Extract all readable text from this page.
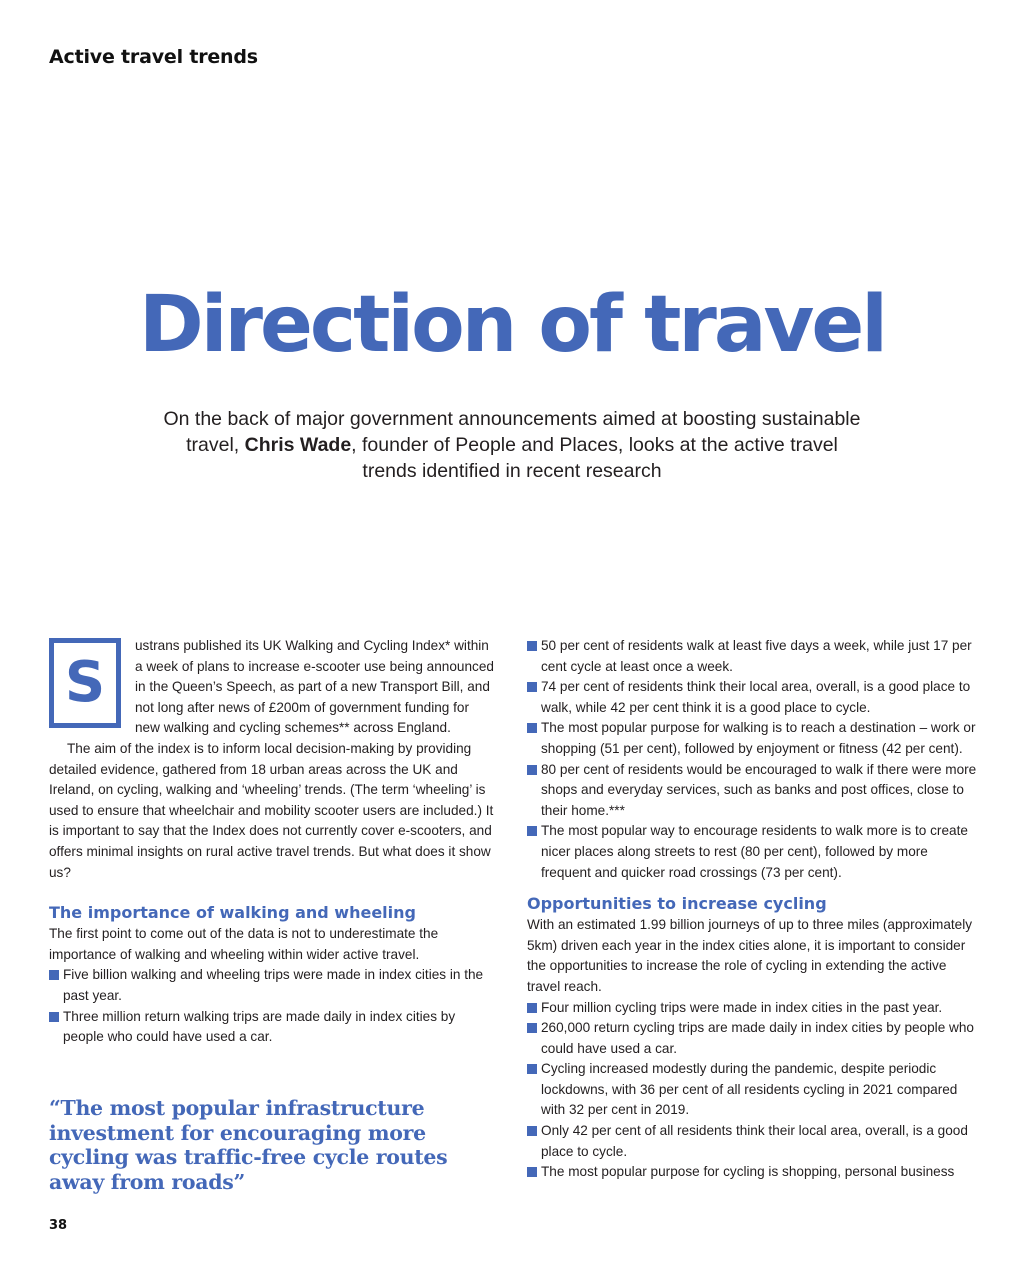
Active travel trends
Direction of travel
On the back of major government announcements aimed at boosting sustainable travel, Chris Wade, founder of People and Places, looks at the active travel trends identified in recent research
S

ustrans published its UK Walking and Cycling Index* within a week of plans to increase e-scooter use being announced in the Queen’s Speech, as part of a new Transport Bill, and not long after news of £200m of government funding for new walking and cycling schemes** across England.

The aim of the index is to inform local decision-making by providing detailed evidence, gathered from 18 urban areas across the UK and Ireland, on cycling, walking and ‘wheeling’ trends. (The term ‘wheeling’ is used to ensure that wheelchair and mobility scooter users are included.) It is important to say that the Index does not currently cover e-scooters, and offers minimal insights on rural active travel trends. But what does it show us?

The importance of walking and wheeling

The first point to come out of the data is not to underestimate the importance of walking and wheeling within wider active travel.

Five billion walking and wheeling trips were made in index cities in the past year.
Three million return walking trips are made daily in index cities by people who could have used a car.
“The most popular infrastructure investment for encouraging more cycling was traffic-free cycle routes away from roads”
50 per cent of residents walk at least five days a week, while just 17 per cent cycle at least once a week.
74 per cent of residents think their local area, overall, is a good place to walk, while 42 per cent think it is a good place to cycle.
The most popular purpose for walking is to reach a destination – work or shopping (51 per cent), followed by enjoyment or fitness (42 per cent).
80 per cent of residents would be encouraged to walk if there were more shops and everyday services, such as banks and post offices, close to their home.***
The most popular way to encourage residents to walk more is to create nicer places along streets to rest (80 per cent), followed by more frequent and quicker road crossings (73 per cent).
Opportunities to increase cycling

With an estimated 1.99 billion journeys of up to three miles (approximately 5km) driven each year in the index cities alone, it is important to consider the opportunities to increase the role of cycling in extending the active travel reach.

Four million cycling trips were made in index cities in the past year.
260,000 return cycling trips are made daily in index cities by people who could have used a car.
Cycling increased modestly during the pandemic, despite periodic lockdowns, with 36 per cent of all residents cycling in 2021 compared with 32 per cent in 2019.
Only 42 per cent of all residents think their local area, overall, is a good place to cycle.
The most popular purpose for cycling is shopping, personal business
38
